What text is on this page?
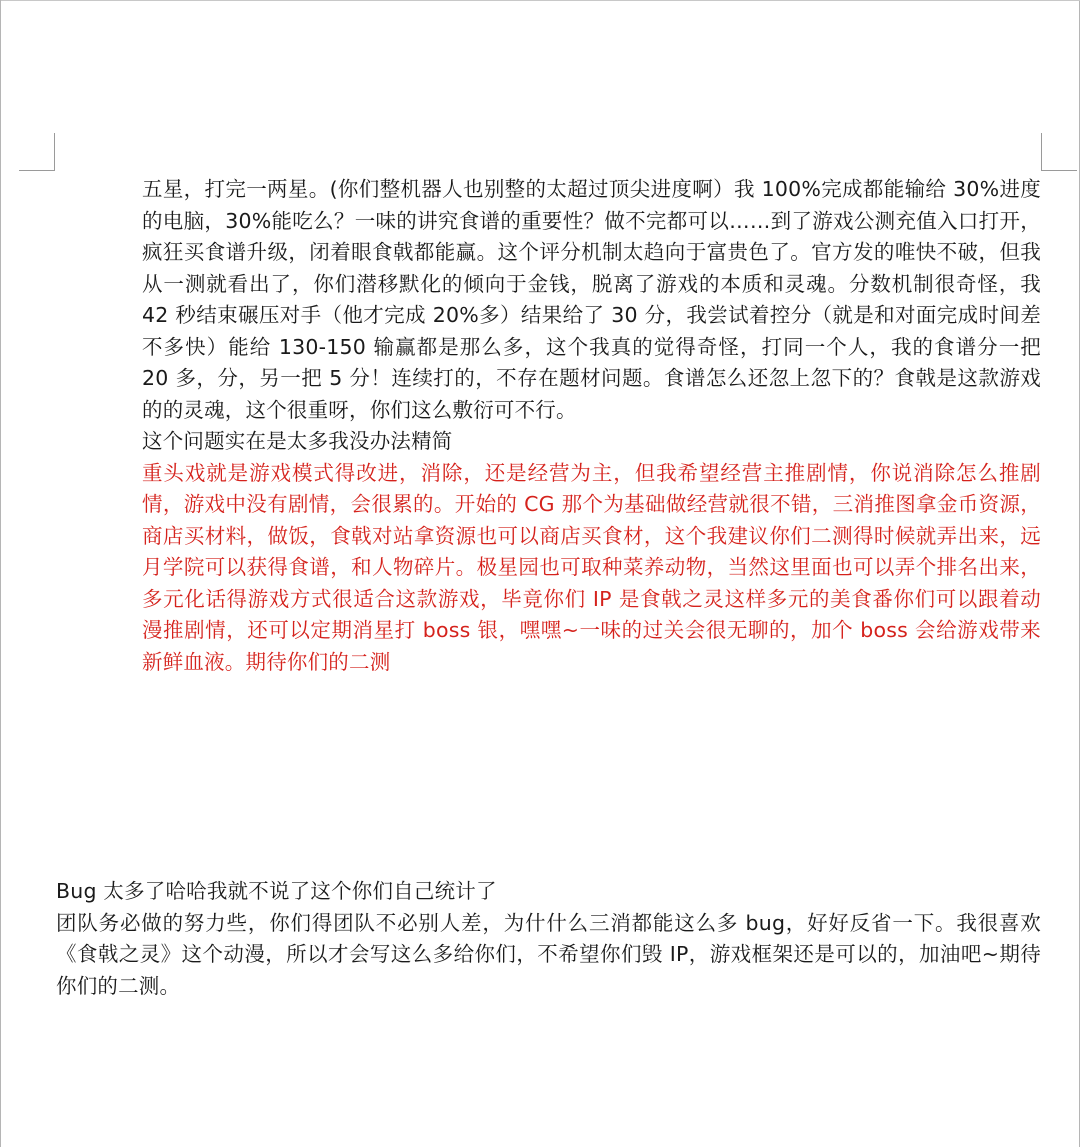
五星，打完一两星。(你们整机器人也别整的太超过顶尖进度啊）我 100%完成都能输给 30%进度的电脑，30%能吃么？一味的讲究食谱的重要性？做不完都可以……到了游戏公测充值入口打开，疯狂买食谱升级，闭着眼食戟都能赢。这个评分机制太趋向于富贵色了。官方发的唯快不破，但我从一测就看出了，你们潜移默化的倾向于金钱，脱离了游戏的本质和灵魂。分数机制很奇怪，我 42 秒结束碾压对手（他才完成 20%多）结果给了 30 分，我尝试着控分（就是和对面完成时间差不多快）能给 130-150 输赢都是那么多，这个我真的觉得奇怪，打同一个人，我的食谱分一把 20 多，分，另一把 5 分！连续打的，不存在题材问题。食谱怎么还忽上忽下的？食戟是这款游戏的的灵魂，这个很重呀，你们这么敷衍可不行。

这个问题实在是太多我没办法精简

重头戏就是游戏模式得改进，消除，还是经营为主，但我希望经营主推剧情，你说消除怎么推剧情，游戏中没有剧情，会很累的。开始的 CG 那个为基础做经营就很不错，三消推图拿金币资源，商店买材料，做饭，食戟对站拿资源也可以商店买食材，这个我建议你们二测得时候就弄出来，远月学院可以获得食谱，和人物碎片。极星园也可取种菜养动物，当然这里面也可以弄个排名出来，多元化话得游戏方式很适合这款游戏，毕竟你们 IP 是食戟之灵这样多元的美食番你们可以跟着动漫推剧情，还可以定期消星打 boss 银，嘿嘿~一味的过关会很无聊的，加个 boss 会给游戏带来新鲜血液。期待你们的二测

Bug 太多了哈哈我就不说了这个你们自己统计了

团队务必做的努力些，你们得团队不必别人差，为什什么三消都能这么多 bug，好好反省一下。我很喜欢《食戟之灵》这个动漫，所以才会写这么多给你们，不希望你们毁 IP，游戏框架还是可以的，加油吧~期待你们的二测。
